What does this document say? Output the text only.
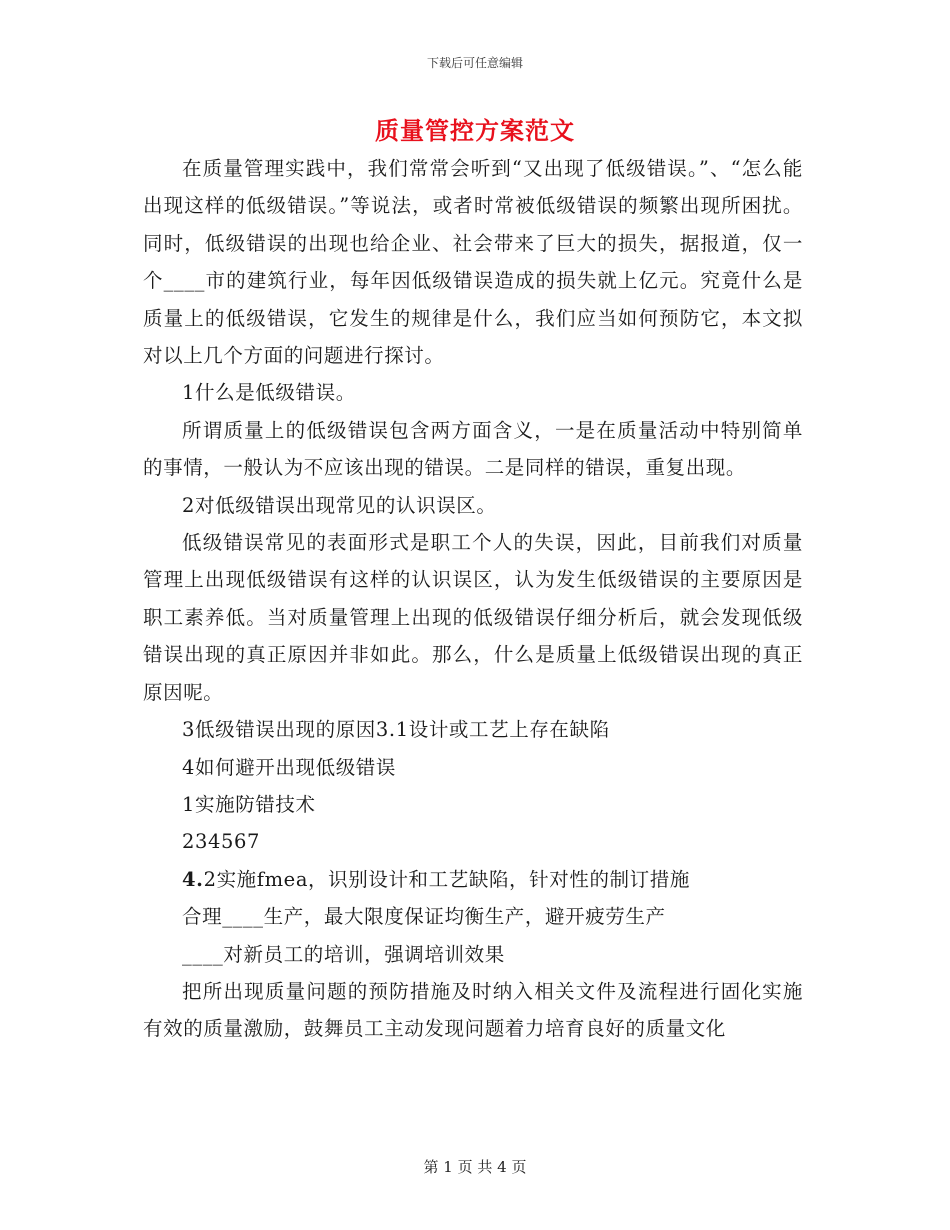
下载后可任意编辑
质量管控方案范文

在质量管理实践中，我们常常会听到“又出现了低级错误。”、“怎么能出现这样的低级错误。”等说法，或者时常被低级错误的频繁出现所困扰。同时，低级错误的出现也给企业、社会带来了巨大的损失，据报道，仅一个____市的建筑行业，每年因低级错误造成的损失就上亿元。究竟什么是质量上的低级错误，它发生的规律是什么，我们应当如何预防它，本文拟对以上几个方面的问题进行探讨。

1什么是低级错误。

所谓质量上的低级错误包含两方面含义，一是在质量活动中特别简单的事情，一般认为不应该出现的错误。二是同样的错误，重复出现。

2对低级错误出现常见的认识误区。

低级错误常见的表面形式是职工个人的失误，因此，目前我们对质量管理上出现低级错误有这样的认识误区，认为发生低级错误的主要原因是职工素养低。当对质量管理上出现的低级错误仔细分析后，就会发现低级错误出现的真正原因并非如此。那么，什么是质量上低级错误出现的真正原因呢。

3低级错误出现的原因3.1设计或工艺上存在缺陷

4如何避开出现低级错误

1实施防错技术

234567

4.2实施fmea，识别设计和工艺缺陷，针对性的制订措施

合理____生产，最大限度保证均衡生产，避开疲劳生产

____对新员工的培训，强调培训效果

把所出现质量问题的预防措施及时纳入相关文件及流程进行固化实施有效的质量激励，鼓舞员工主动发现问题着力培育良好的质量文化

第 1 页 共 4 页
